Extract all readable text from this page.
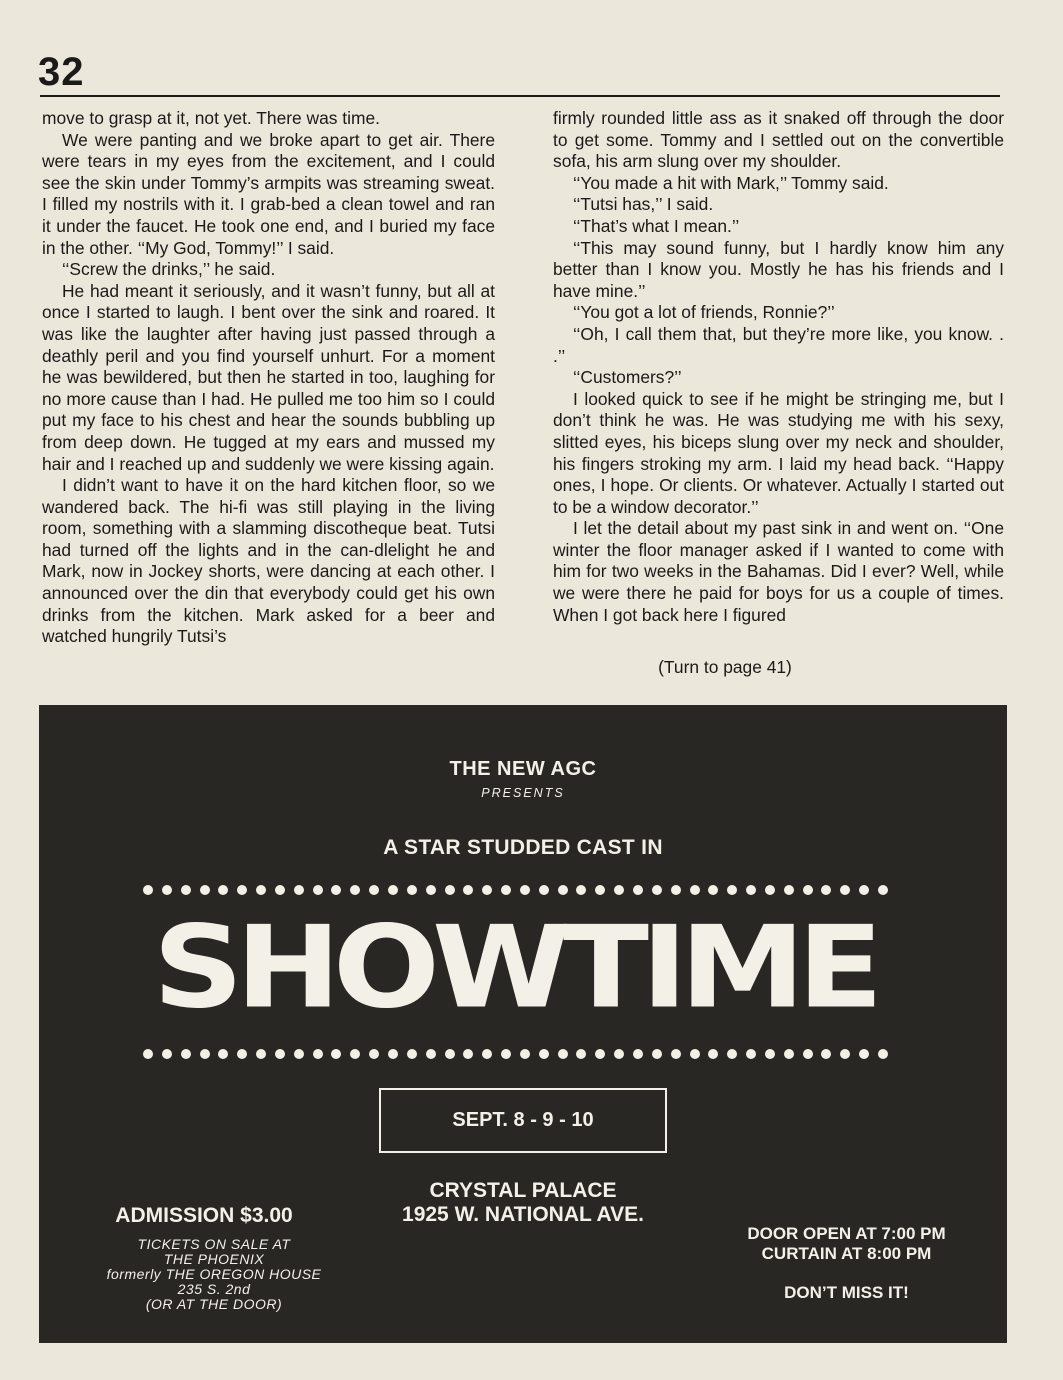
32

move to grasp at it, not yet. There was time.

We were panting and we broke apart to get air. There were tears in my eyes from the excitement, and I could see the skin under Tommy’s armpits was streaming sweat. I filled my nostrils with it. I grab-bed a clean towel and ran it under the faucet. He took one end, and I buried my face in the other. ‘‘My God, Tommy!’’ I said.

‘‘Screw the drinks,’’ he said.

He had meant it seriously, and it wasn’t funny, but all at once I started to laugh. I bent over the sink and roared. It was like the laughter after having just passed through a deathly peril and you find yourself unhurt. For a moment he was bewildered, but then he started in too, laughing for no more cause than I had. He pulled me too him so I could put my face to his chest and hear the sounds bubbling up from deep down. He tugged at my ears and mussed my hair and I reached up and suddenly we were kissing again.

I didn’t want to have it on the hard kitchen floor, so we wandered back. The hi-fi was still playing in the living room, something with a slamming discotheque beat. Tutsi had turned off the lights and in the can-dlelight he and Mark, now in Jockey shorts, were dancing at each other. I announced over the din that everybody could get his own drinks from the kitchen. Mark asked for a beer and watched hungrily Tutsi’s

firmly rounded little ass as it snaked off through the door to get some. Tommy and I settled out on the convertible sofa, his arm slung over my shoulder.

‘‘You made a hit with Mark,’’ Tommy said.

‘‘Tutsi has,’’ I said.

‘‘That’s what I mean.’’

‘‘This may sound funny, but I hardly know him any better than I know you. Mostly he has his friends and I have mine.’’

‘‘You got a lot of friends, Ronnie?’’

‘‘Oh, I call them that, but they’re more like, you know. . .’’

‘‘Customers?’’

I looked quick to see if he might be stringing me, but I don’t think he was. He was studying me with his sexy, slitted eyes, his biceps slung over my neck and shoulder, his fingers stroking my arm. I laid my head back. ‘‘Happy ones, I hope. Or clients. Or whatever. Actually I started out to be a window decorator.’’

I let the detail about my past sink in and went on. ‘‘One winter the floor manager asked if I wanted to come with him for two weeks in the Bahamas. Did I ever? Well, while we were there he paid for boys for us a couple of times. When I got back here I figured

(Turn to page 41)
THE NEW AGC
PRESENTS
A STAR STUDDED CAST IN
SHOWTIME
SEPT. 8 - 9 - 10
CRYSTAL PALACE
1925 W. NATIONAL AVE.
ADMISSION $3.00
TICKETS ON SALE AT
THE PHOENIX
formerly THE OREGON HOUSE
235 S. 2nd
(OR AT THE DOOR)
DOOR OPEN AT 7:00 PM
CURTAIN AT 8:00 PM
DON’T MISS IT!
